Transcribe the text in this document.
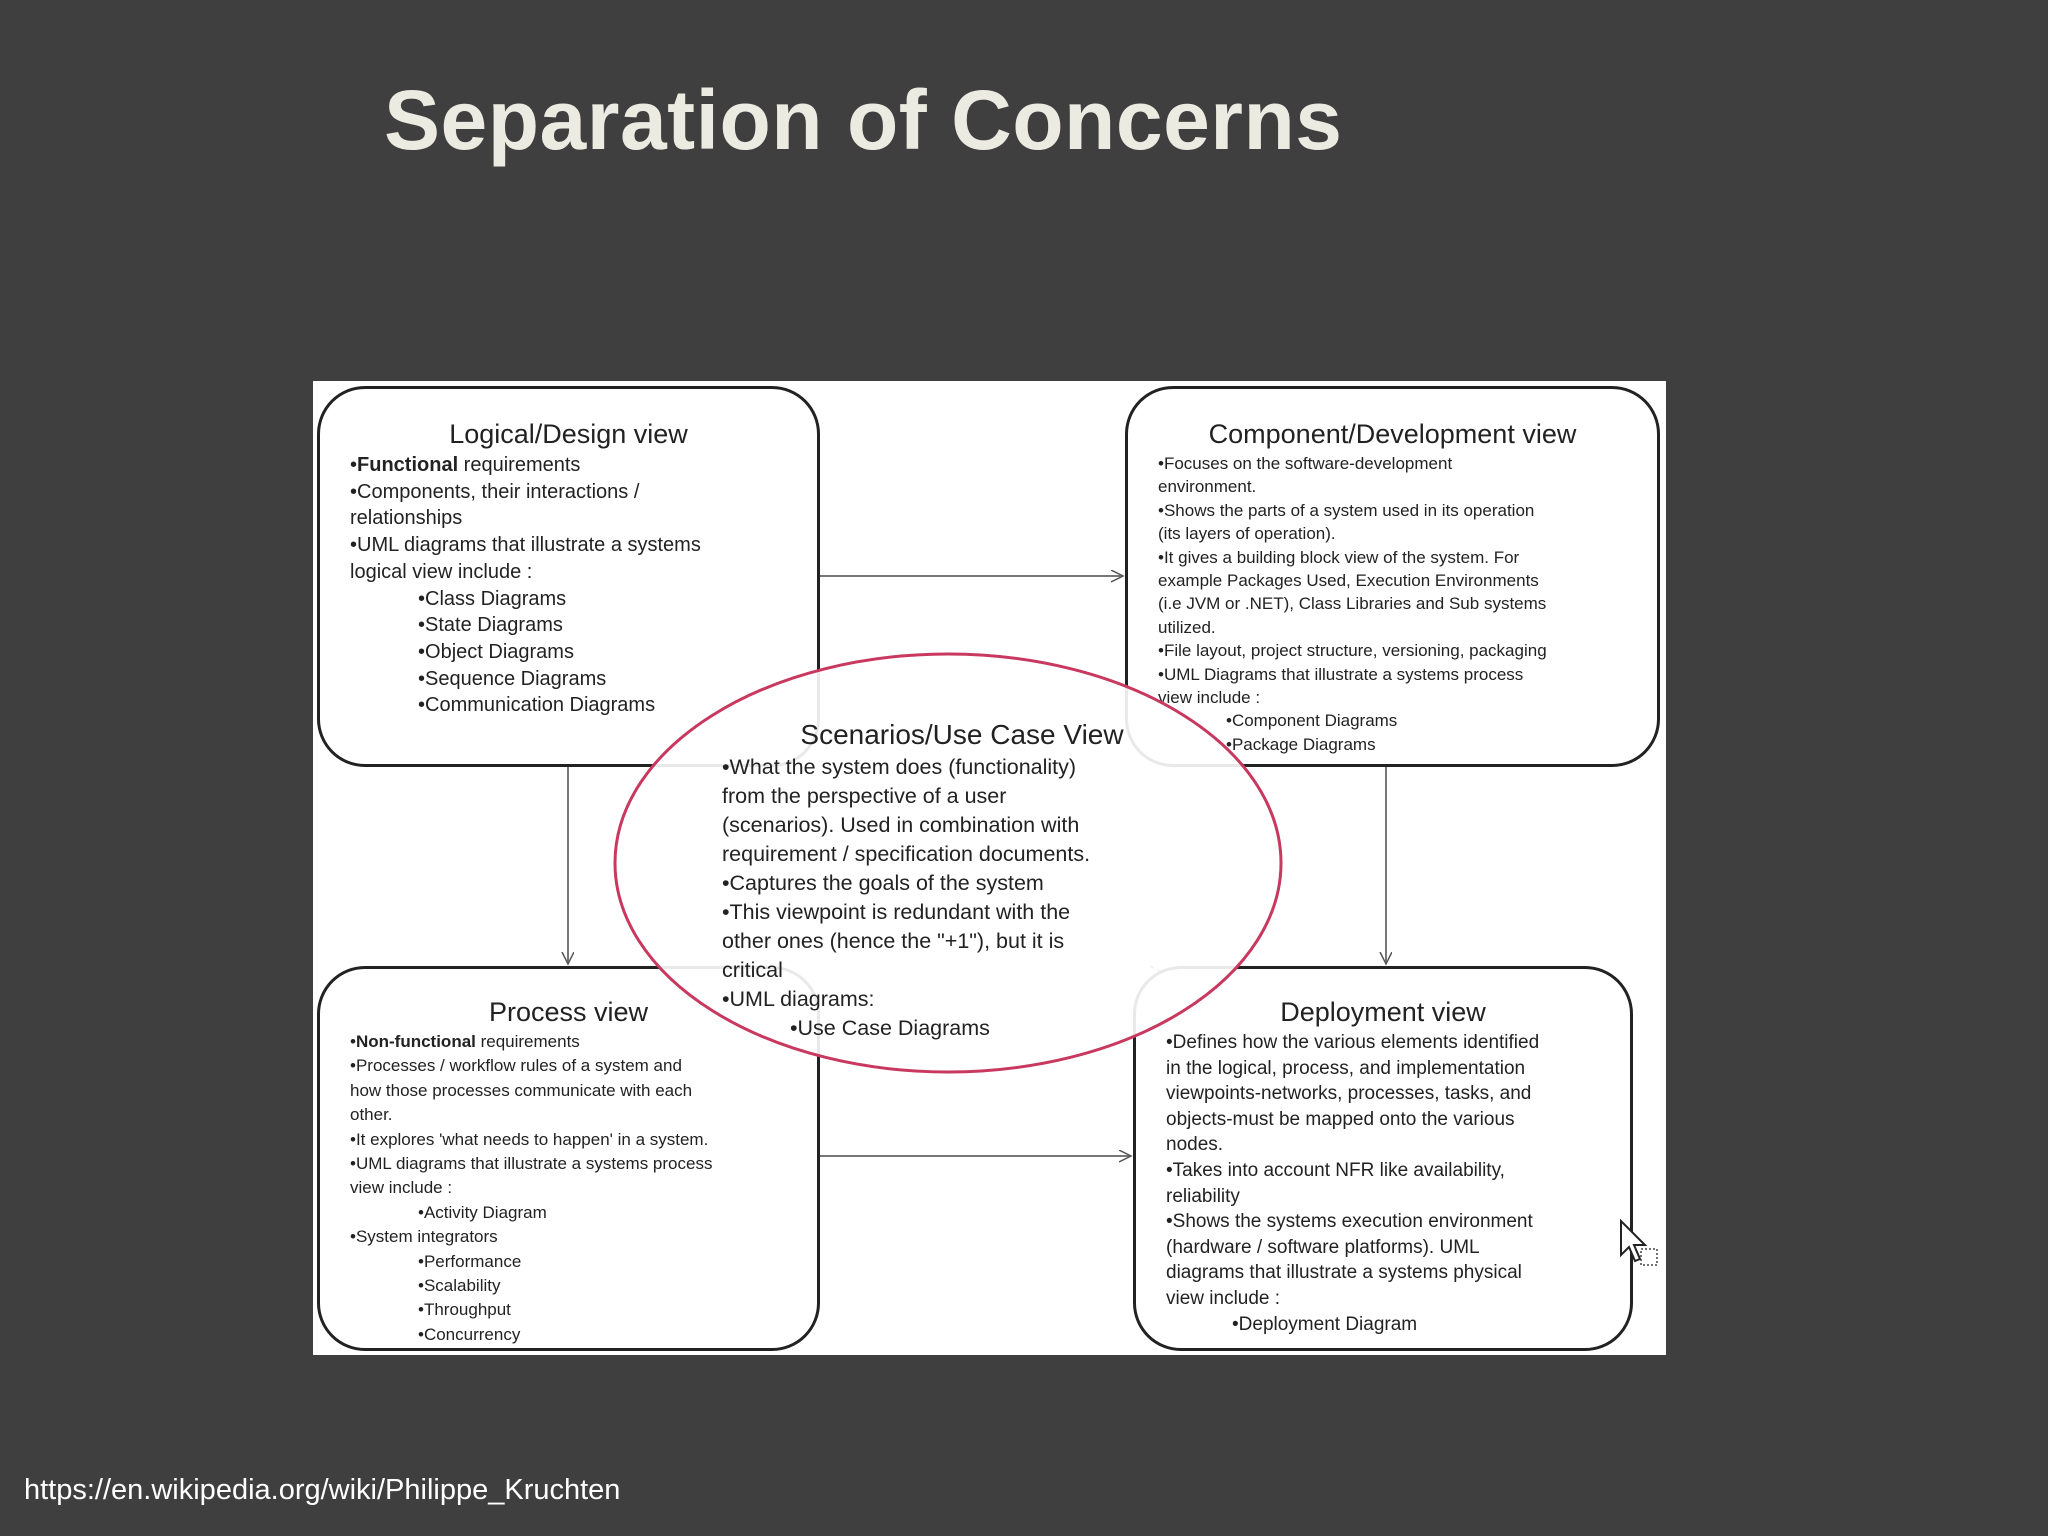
Separation of Concerns
Logical/Design view
• Functional requirements
• Components, their interactions /
relationships
• UML diagrams that illustrate a systems
logical view include :
• Class Diagrams
• State Diagrams
• Object Diagrams
• Sequence Diagrams
• Communication Diagrams
Component/Development view
• Focuses on the software-development
environment.
• Shows the parts of a system used in its operation
(its layers of operation).
• It gives a building block view of the system. For
example Packages Used, Execution Environments
(i.e JVM or .NET), Class Libraries and Sub systems
utilized.
• File layout, project structure, versioning, packaging
• UML Diagrams that illustrate a systems process
view include :
• Component Diagrams
• Package Diagrams
Process view
• Non-functional requirements
• Processes / workflow rules of a system and
how those processes communicate with each
other.
• It explores 'what needs to happen' in a system.
• UML diagrams that illustrate a systems process
view include :
• Activity Diagram
• System integrators
• Performance
• Scalability
• Throughput
• Concurrency
Deployment view
• Defines how the various elements identified
in the logical, process, and implementation
viewpoints-networks, processes, tasks, and
objects-must be mapped onto the various
nodes.
• Takes into account NFR like availability,
reliability
• Shows the systems execution environment
(hardware / software platforms). UML
diagrams that illustrate a systems physical
view include :
• Deployment Diagram
Scenarios/Use Case View
• What the system does (functionality)
from the perspective of a user
(scenarios). Used in combination with
requirement / specification documents.
• Captures the goals of the system
• This viewpoint is redundant with the
other ones (hence the "+1"), but it is
critical
• UML diagrams:
• Use Case Diagrams
https://en.wikipedia.org/wiki/Philippe_Kruchten
